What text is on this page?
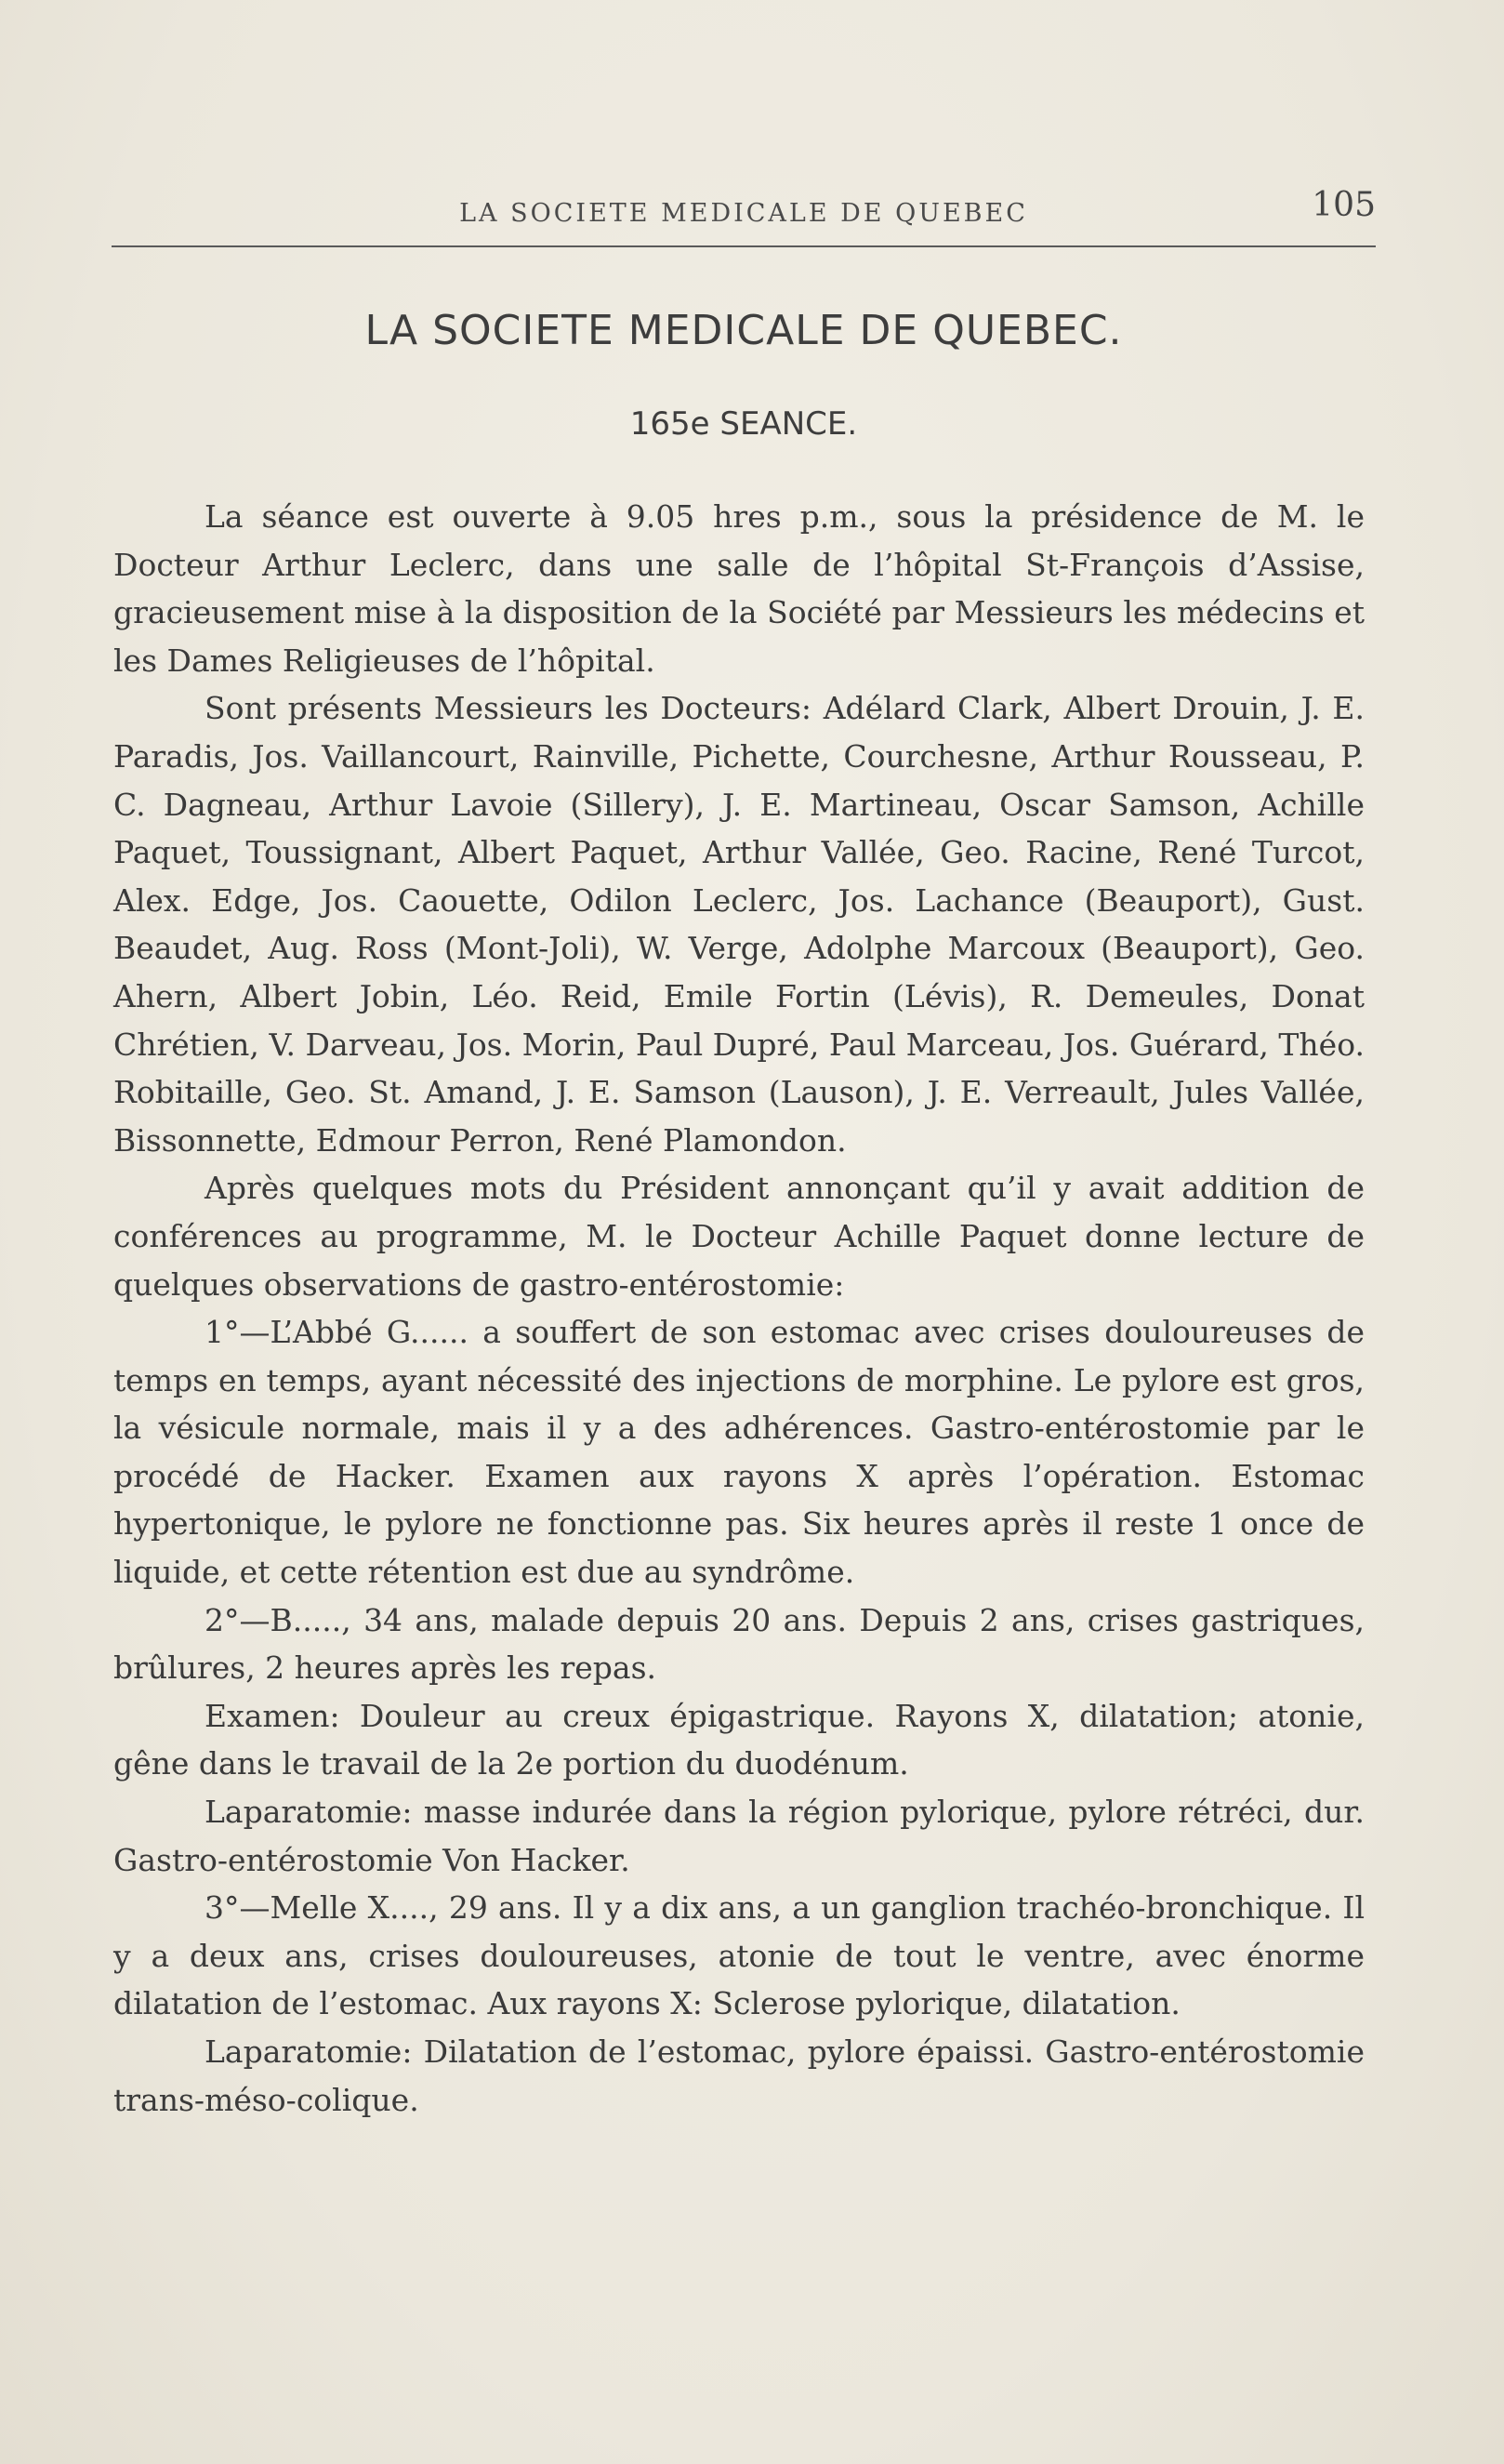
LA SOCIETE MEDICALE DE QUEBEC	105
LA SOCIETE MEDICALE DE QUEBEC.
165e SEANCE.

La séance est ouverte à 9.05 hres p.m., sous la présidence de M. le Docteur Arthur Leclerc, dans une salle de l’hôpital St-François d’Assise, gracieusement mise à la disposition de la Société par Messieurs les médecins et les Dames Religieuses de l’hôpital.

Sont présents Messieurs les Docteurs: Adélard Clark, Albert Drouin, J. E. Paradis, Jos. Vaillancourt, Rainville, Pichette, Courchesne, Arthur Rousseau, P. C. Dagneau, Arthur Lavoie (Sillery), J. E. Martineau, Oscar Samson, Achille Paquet, Toussignant, Albert Paquet, Arthur Vallée, Geo. Racine, René Turcot, Alex. Edge, Jos. Caouette, Odilon Leclerc, Jos. Lachance (Beauport), Gust. Beaudet, Aug. Ross (Mont-Joli), W. Verge, Adolphe Marcoux (Beauport), Geo. Ahern, Albert Jobin, Léo. Reid, Emile Fortin (Lévis), R. Demeules, Donat Chrétien, V. Darveau, Jos. Morin, Paul Dupré, Paul Marceau, Jos. Guérard, Théo. Robitaille, Geo. St. Amand, J. E. Samson (Lauson), J. E. Verreault, Jules Vallée, Bissonnette, Edmour Perron, René Plamondon.

Après quelques mots du Président annonçant qu’il y avait addition de conférences au programme, M. le Docteur Achille Paquet donne lecture de quelques observations de gastro-entérostomie:

1°—L’Abbé G...... a souffert de son estomac avec crises douloureuses de temps en temps, ayant nécessité des injections de morphine. Le pylore est gros, la vésicule normale, mais il y a des adhérences. Gastro-entérostomie par le procédé de Hacker. Examen aux rayons X après l’opération. Estomac hypertonique, le pylore ne fonctionne pas. Six heures après il reste 1 once de liquide, et cette rétention est due au syndrôme.

2°—B....., 34 ans, malade depuis 20 ans. Depuis 2 ans, crises gastriques, brûlures, 2 heures après les repas.

Examen: Douleur au creux épigastrique. Rayons X, dilatation; atonie, gêne dans le travail de la 2e portion du duodénum.

Laparatomie: masse indurée dans la région pylorique, pylore rétréci, dur. Gastro-entérostomie Von Hacker.

3°—Melle X...., 29 ans. Il y a dix ans, a un ganglion trachéo-bronchique. Il y a deux ans, crises douloureuses, atonie de tout le ventre, avec énorme dilatation de l’estomac. Aux rayons X: Sclerose pylorique, dilatation.

Laparatomie: Dilatation de l’estomac, pylore épaissi. Gastro-entérostomie trans-méso-colique.
